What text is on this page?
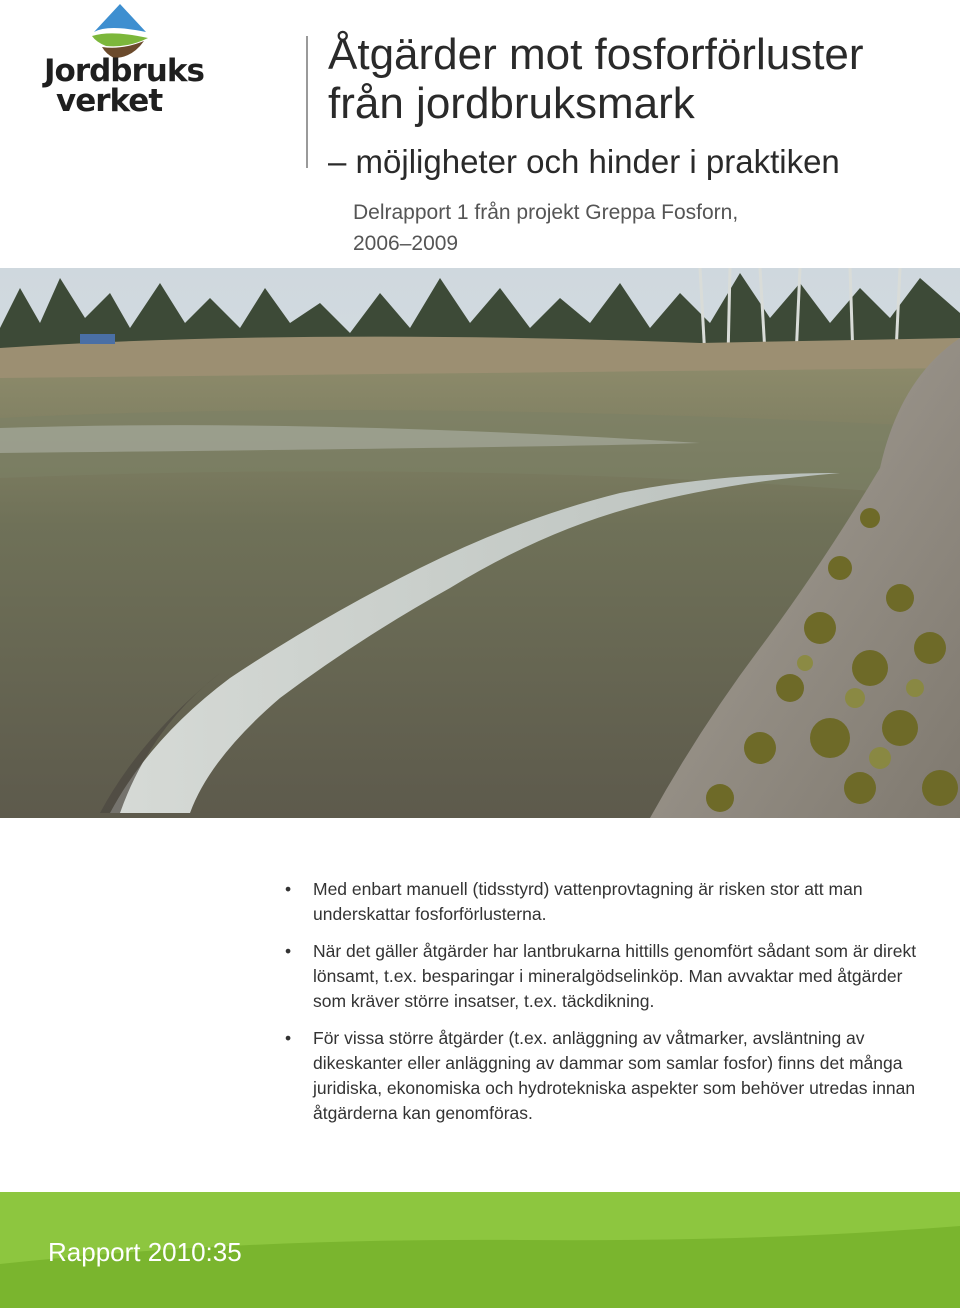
Jordbruks
verket
Åtgärder mot fosforförluster
från jordbruksmark
– möjligheter och hinder i praktiken
Delrapport 1 från projekt Greppa Fosforn,
2006–2009
• Med enbart manuell (tidsstyrd) vattenprovtagning är risken stor att man underskattar fosforförlusterna.
• När det gäller åtgärder har lantbrukarna hittills genomfört sådant som är direkt lönsamt, t.ex. besparingar i mineralgödselinköp. Man avvaktar med åtgärder som kräver större insatser, t.ex. täckdikning.
• För vissa större åtgärder (t.ex. anläggning av våtmarker, avsläntning av dikeskanter eller anläggning av dammar som samlar fosfor) finns det många juridiska, ekonomiska och hydrotekniska aspekter som behöver utredas innan åtgärderna kan genomföras.
Rapport 2010:35
